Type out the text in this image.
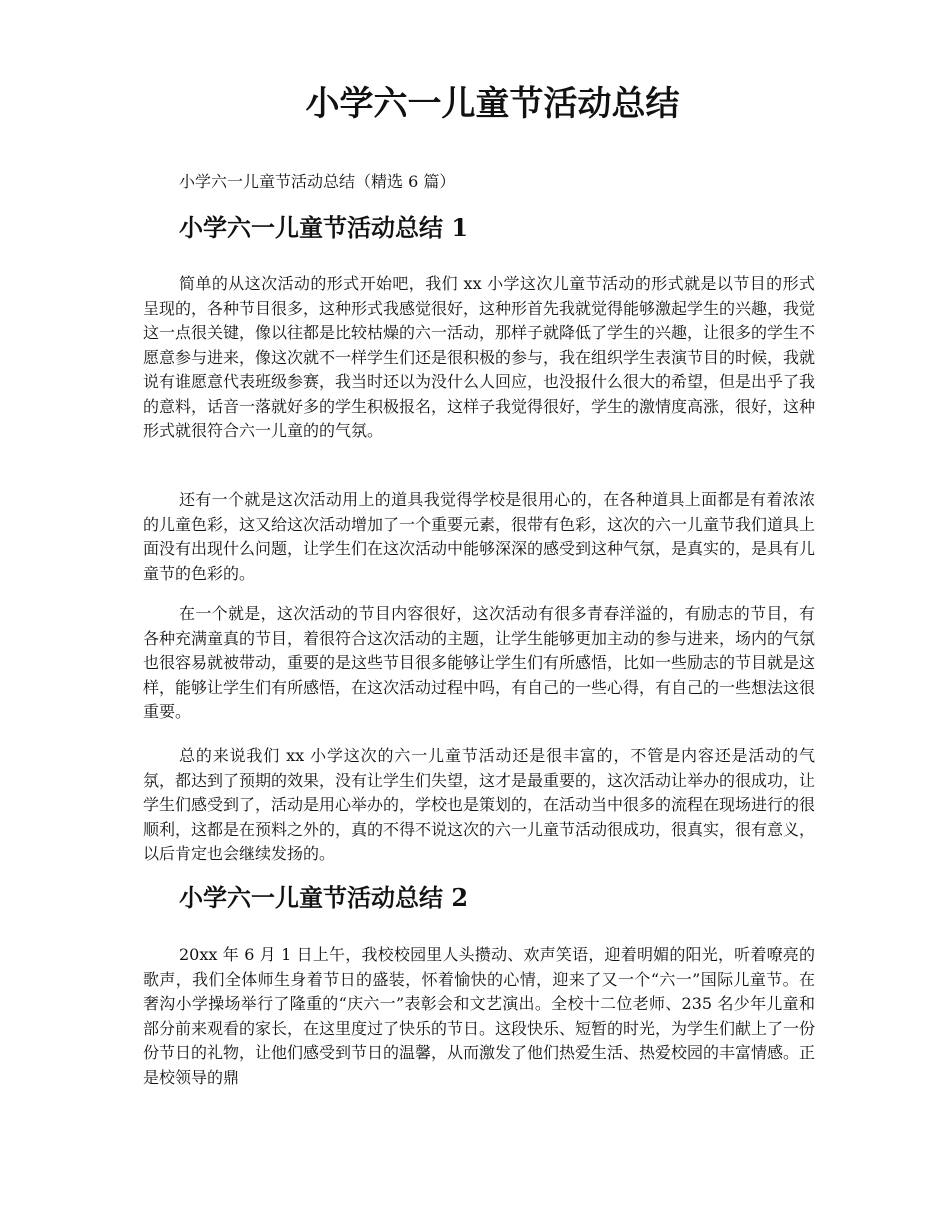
小学六一儿童节活动总结

小学六一儿童节活动总结（精选 6 篇）

小学六一儿童节活动总结 1

简单的从这次活动的形式开始吧，我们 xx 小学这次儿童节活动的形式就是以节目的形式呈现的，各种节目很多，这种形式我感觉很好，这种形首先我就觉得能够激起学生的兴趣，我觉这一点很关键，像以往都是比较枯燥的六一活动，那样子就降低了学生的兴趣，让很多的学生不愿意参与进来，像这次就不一样学生们还是很积极的参与，我在组织学生表演节目的时候，我就说有谁愿意代表班级参赛，我当时还以为没什么人回应，也没报什么很大的希望，但是出乎了我的意料，话音一落就好多的学生积极报名，这样子我觉得很好，学生的激情度高涨，很好，这种形式就很符合六一儿童的的气氛。

还有一个就是这次活动用上的道具我觉得学校是很用心的，在各种道具上面都是有着浓浓的儿童色彩，这又给这次活动增加了一个重要元素，很带有色彩，这次的六一儿童节我们道具上面没有出现什么问题，让学生们在这次活动中能够深深的感受到这种气氛，是真实的，是具有儿童节的色彩的。

在一个就是，这次活动的节目内容很好，这次活动有很多青春洋溢的，有励志的节目，有各种充满童真的节目，着很符合这次活动的主题，让学生能够更加主动的参与进来，场内的气氛也很容易就被带动，重要的是这些节目很多能够让学生们有所感悟，比如一些励志的节目就是这样，能够让学生们有所感悟，在这次活动过程中吗，有自己的一些心得，有自己的一些想法这很重要。

总的来说我们 xx 小学这次的六一儿童节活动还是很丰富的，不管是内容还是活动的气氛，都达到了预期的效果，没有让学生们失望，这才是最重要的，这次活动让举办的很成功，让学生们感受到了，活动是用心举办的，学校也是策划的，在活动当中很多的流程在现场进行的很顺利，这都是在预料之外的，真的不得不说这次的六一儿童节活动很成功，很真实，很有意义，以后肯定也会继续发扬的。

小学六一儿童节活动总结 2

20xx 年 6 月 1 日上午，我校校园里人头攒动、欢声笑语，迎着明媚的阳光，听着嘹亮的歌声，我们全体师生身着节日的盛装，怀着愉快的心情，迎来了又一个“六一”国际儿童节。在奢沟小学操场举行了隆重的“庆六一”表彰会和文艺演出。全校十二位老师、235 名少年儿童和部分前来观看的家长，在这里度过了快乐的节日。这段快乐、短暂的时光，为学生们献上了一份份节日的礼物，让他们感受到节日的温馨，从而激发了他们热爱生活、热爱校园的丰富情感。正是校领导的鼎
